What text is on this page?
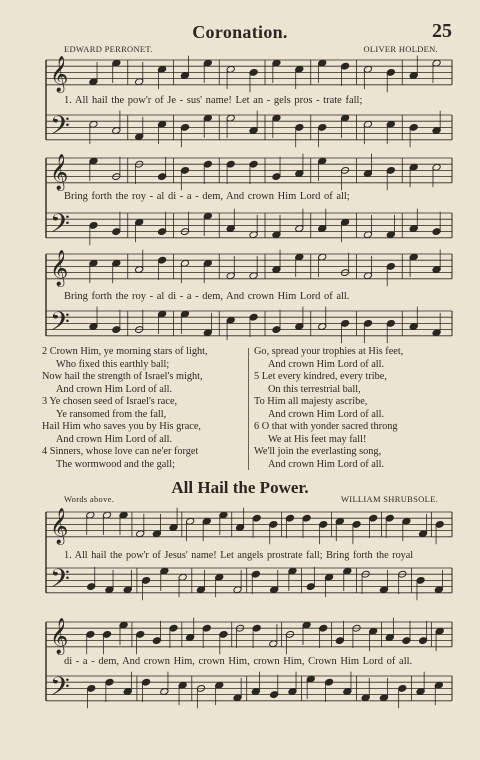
Coronation.	25
EDWARD PERRONET.	OLIVER HOLDEN.
𝄞
𝄢
𝄞
𝄢
𝄞
𝄢
𝄞
𝄢
𝄞
𝄢
1. All hail the pow'r of Je - sus' name! Let an - gels pros - trate fall;
Bring forth the roy - al di - a - dem, And crown Him Lord of all;
Bring forth the roy - al di - a - dem, And crown Him Lord of all.
2 Crown Him, ye morning stars of light,
Who fixed this earthly ball;
Now hail the strength of Israel's might,
And crown Him Lord of all.
3 Ye chosen seed of Israel's race,
Ye ransomed from the fall,
Hail Him who saves you by His grace,
And crown Him Lord of all.
4 Sinners, whose love can ne'er forget
The wormwood and the gall;
Go, spread your trophies at His feet,
And crown Him Lord of all.
5 Let every kindred, every tribe,
On this terrestrial ball,
To Him all majesty ascribe,
And crown Him Lord of all.
6 O that with yonder sacred throng
We at His feet may fall!
We'll join the everlasting song,
And crown Him Lord of all.
All Hail the Power.
Words above.	WILLIAM SHRUBSOLE.
1. All hail the pow'r of Jesus' name! Let angels prostrate fall; Bring forth the royal
di - a - dem, And crown Him, crown Him, crown Him, Crown Him Lord of all.
